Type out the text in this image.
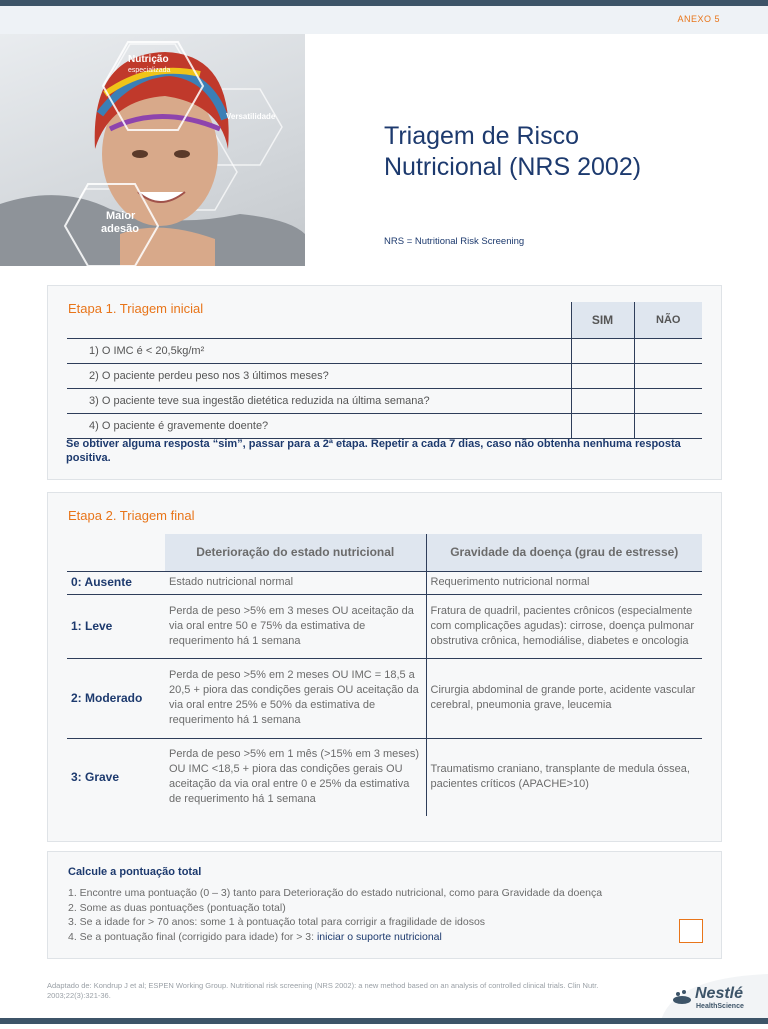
ANEXO 5
Nutrição
especializada
Versatilidade
Maior
adesão
Triagem de Risco
Nutricional (NRS 2002)
NRS = Nutritional Risk Screening
Etapa 1. Triagem inicial
	SIM	NÃO
1) O IMC é < 20,5kg/m²		
2) O paciente perdeu peso nos 3 últimos meses?		
3) O paciente teve sua ingestão dietética reduzida na última semana?		
4) O paciente é gravemente doente?		
Se obtiver alguma resposta “sim”, passar para a 2ª etapa. Repetir a cada 7 dias, caso não obtenha nenhuma resposta positiva.
Etapa 2. Triagem final
	Deterioração do estado nutricional	Gravidade da doença (grau de estresse)
0: Ausente	Estado nutricional normal	Requerimento nutricional normal
1: Leve	Perda de peso >5% em 3 meses OU aceitação da via oral entre 50 e 75% da estimativa de requerimento há 1 semana	Fratura de quadril, pacientes crônicos (especialmente com complicações agudas): cirrose, doença pulmonar obstrutiva crônica, hemodiálise, diabetes e oncologia
2: Moderado	Perda de peso >5% em 2 meses OU IMC = 18,5 a 20,5 + piora das condições gerais OU aceitação da via oral entre 25% e 50% da estimativa de requerimento há 1 semana	Cirurgia abdominal de grande porte, acidente vascular cerebral, pneumonia grave, leucemia
3: Grave	Perda de peso >5% em 1 mês (>15% em 3 meses) OU IMC <18,5 + piora das condições gerais OU aceitação da via oral entre 0 e 25% da estimativa de requerimento há 1 semana	Traumatismo craniano, transplante de medula óssea, pacientes críticos (APACHE>10)
Calcule a pontuação total
1. Encontre uma pontuação (0 – 3) tanto para Deterioração do estado nutricional, como para Gravidade da doença
2. Some as duas pontuações (pontuação total)
3. Se a idade for > 70 anos: some 1 à pontuação total para corrigir a fragilidade de idosos
4. Se a pontuação final (corrigido para idade) for > 3: iniciar o suporte nutricional
Adaptado de: Kondrup J et al; ESPEN Working Group. Nutritional risk screening (NRS 2002): a new method based on an analysis of controlled clinical trials. Clin Nutr. 2003;22(3):321-36.	Nestlé
HealthScience
